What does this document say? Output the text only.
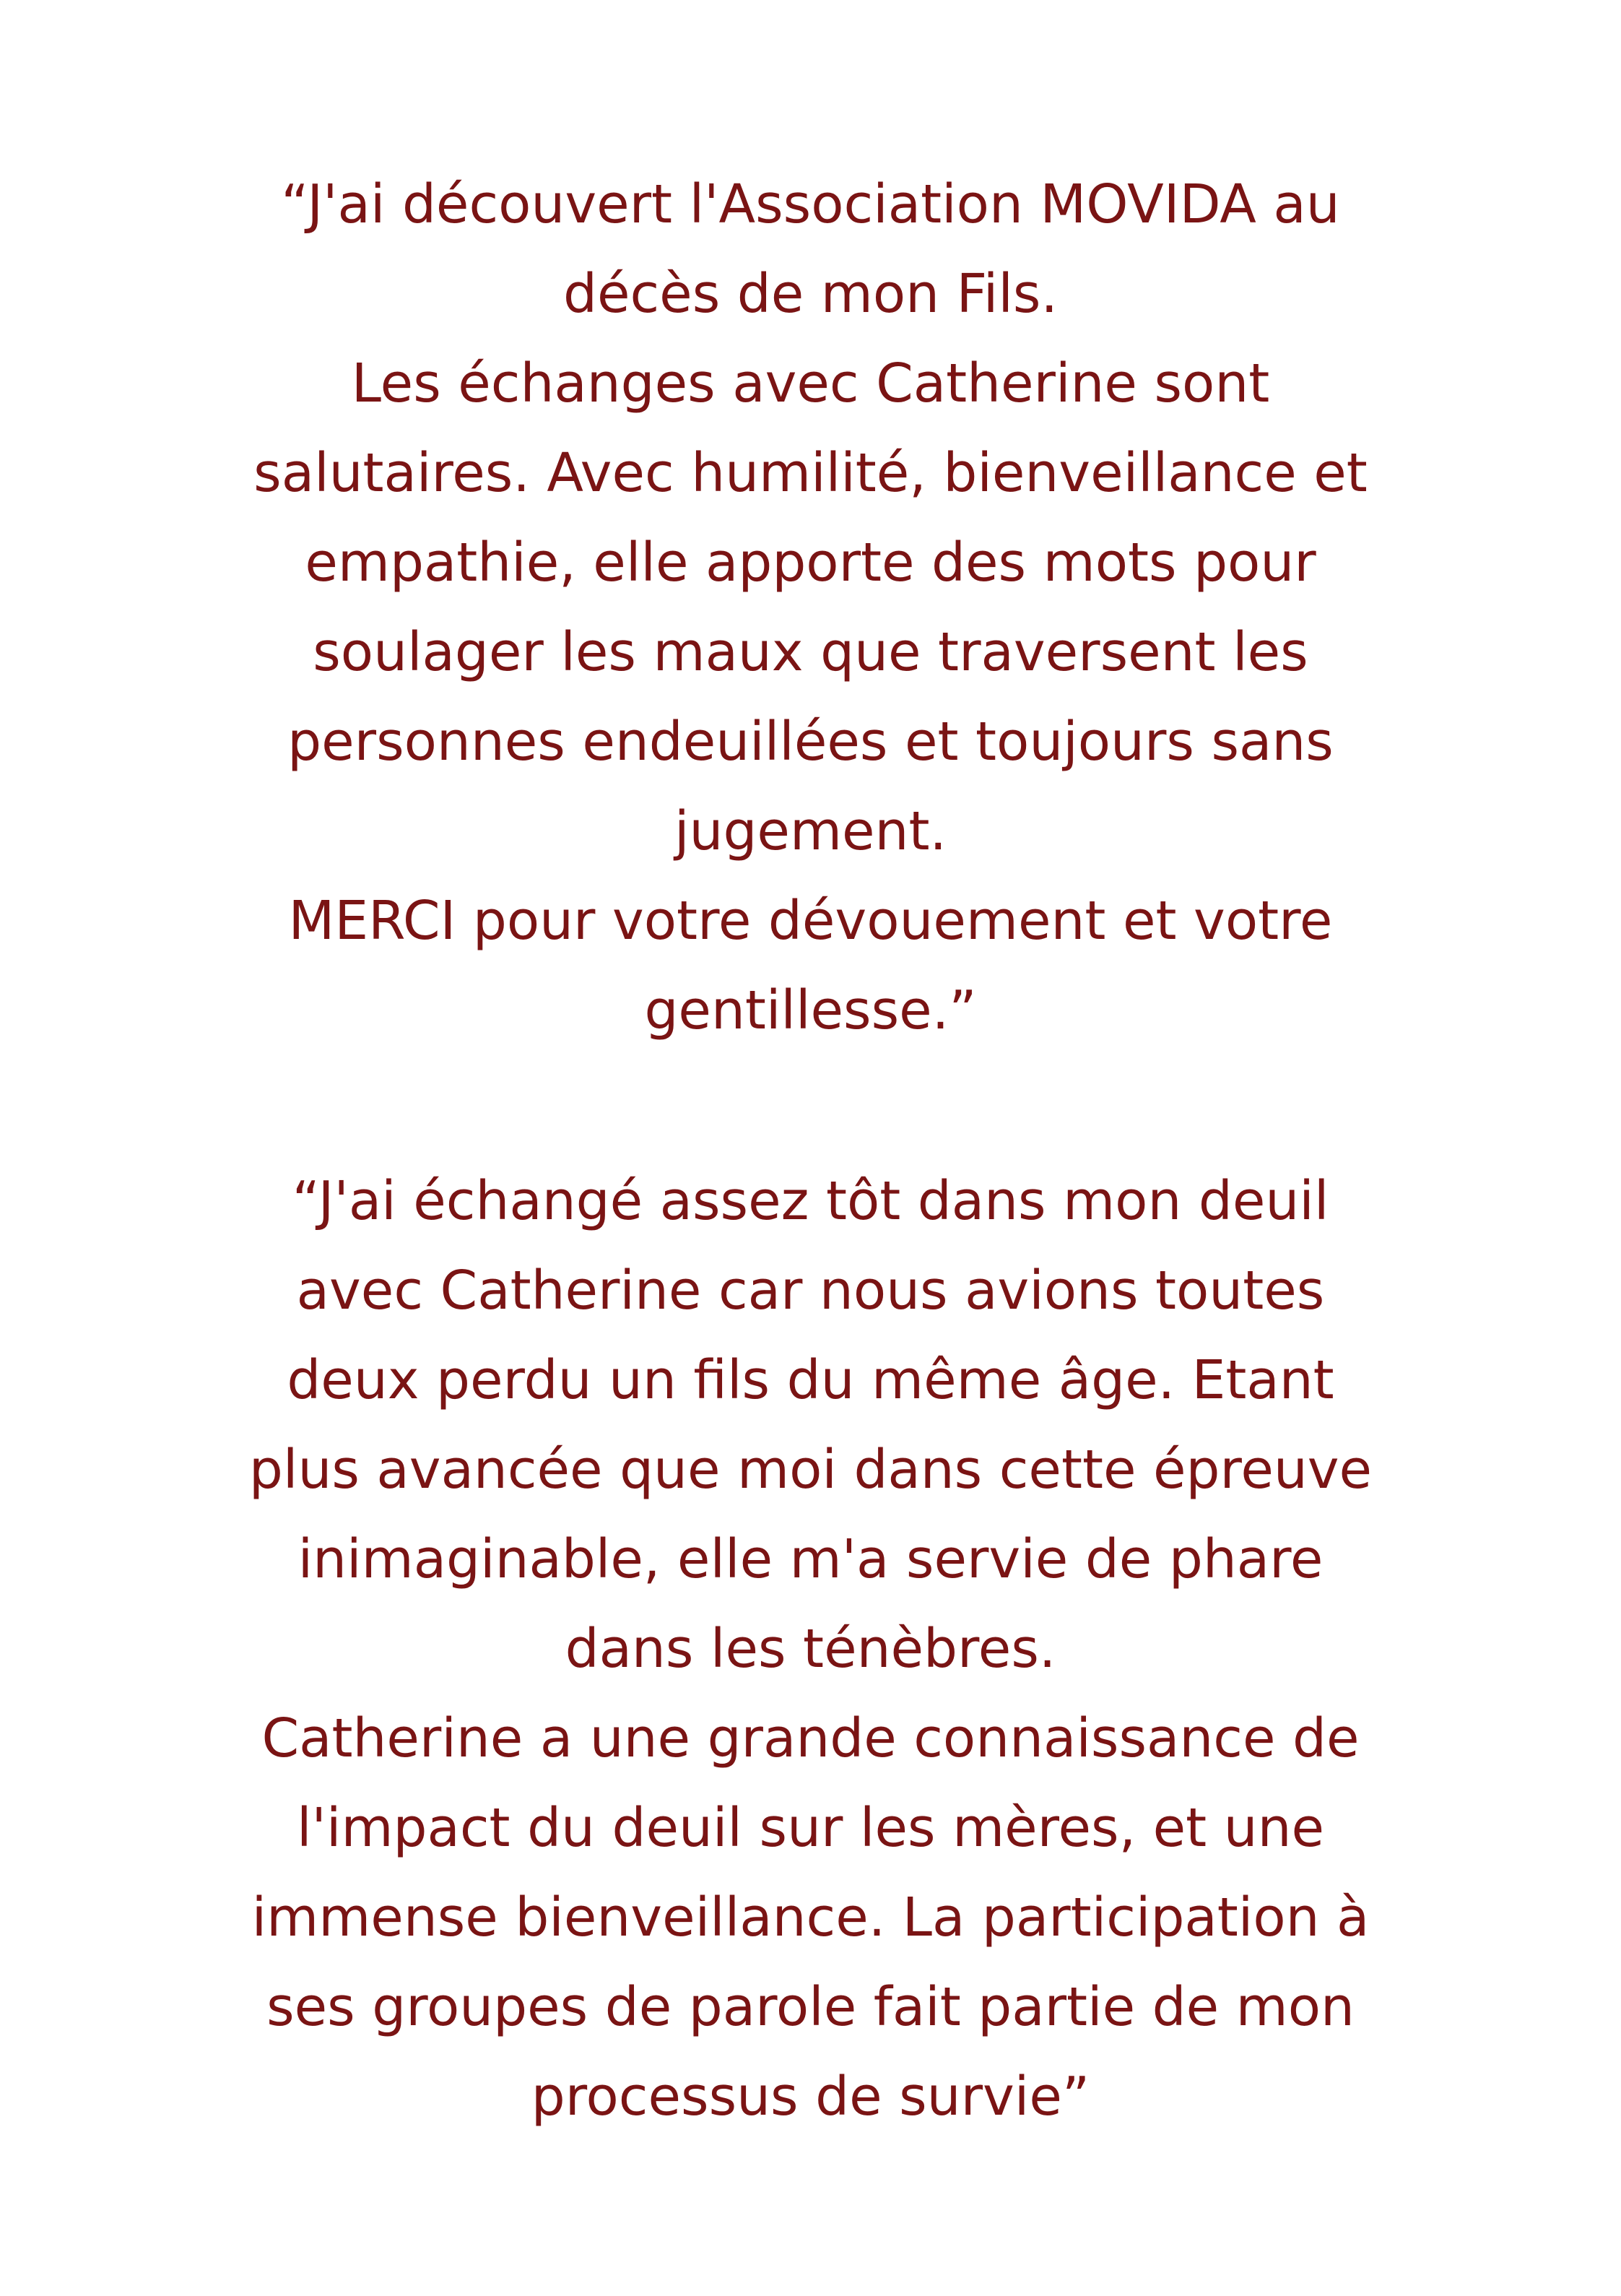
“J'ai découvert l'Association MOVIDA au
décès de mon Fils.
Les échanges avec Catherine sont
salutaires. Avec humilité, bienveillance et
empathie, elle apporte des mots pour
soulager les maux que traversent les
personnes endeuillées et toujours sans
jugement.
MERCI pour votre dévouement et votre
gentillesse.”
“J'ai échangé assez tôt dans mon deuil
avec Catherine car nous avions toutes
deux perdu un fils du même âge. Etant
plus avancée que moi dans cette épreuve
inimaginable, elle m'a servie de phare
dans les ténèbres.
Catherine a une grande connaissance de
l'impact du deuil sur les mères, et une
immense bienveillance. La participation à
ses groupes de parole fait partie de mon
processus de survie”
